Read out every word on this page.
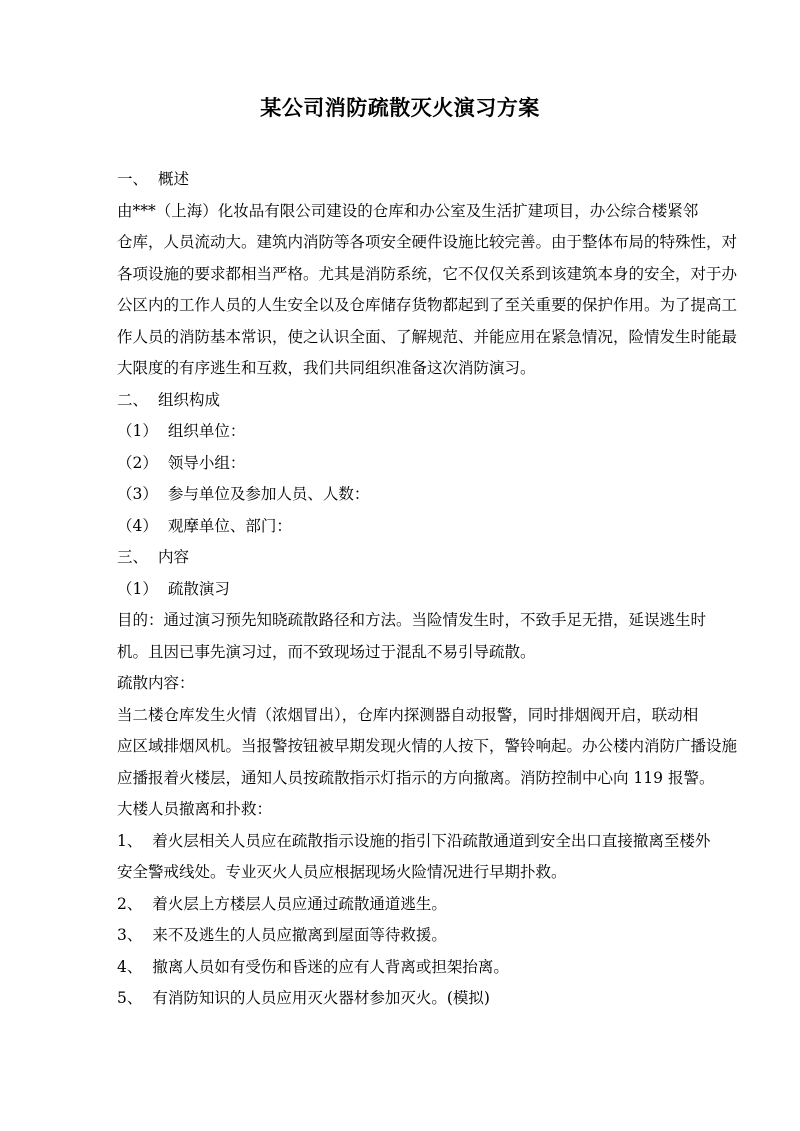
某公司消防疏散灭火演习方案
一、 概述
由***（上海）化妆品有限公司建设的仓库和办公室及生活扩建项目，办公综合楼紧邻
仓库，人员流动大。建筑内消防等各项安全硬件设施比较完善。由于整体布局的特殊性，对
各项设施的要求都相当严格。尤其是消防系统，它不仅仅关系到该建筑本身的安全，对于办
公区内的工作人员的人生安全以及仓库储存货物都起到了至关重要的保护作用。为了提高工
作人员的消防基本常识，使之认识全面、了解规范、并能应用在紧急情况，险情发生时能最
大限度的有序逃生和互救，我们共同组织准备这次消防演习。
二、 组织构成
（1） 组织单位：
（2） 领导小组：
（3） 参与单位及参加人员、人数：
（4） 观摩单位、部门：
三、 内容
（1） 疏散演习
目的：通过演习预先知晓疏散路径和方法。当险情发生时，不致手足无措，延误逃生时
机。且因已事先演习过，而不致现场过于混乱不易引导疏散。
疏散内容：
当二楼仓库发生火情（浓烟冒出），仓库内探测器自动报警，同时排烟阀开启，联动相
应区域排烟风机。当报警按钮被早期发现火情的人按下，警铃响起。办公楼内消防广播设施
应播报着火楼层，通知人员按疏散指示灯指示的方向撤离。消防控制中心向 119 报警。
大楼人员撤离和扑救：
1、 着火层相关人员应在疏散指示设施的指引下沿疏散通道到安全出口直接撤离至楼外
安全警戒线处。专业灭火人员应根据现场火险情况进行早期扑救。
2、 着火层上方楼层人员应通过疏散通道逃生。
3、 来不及逃生的人员应撤离到屋面等待救援。
4、 撤离人员如有受伤和昏迷的应有人背离或担架抬离。
5、 有消防知识的人员应用灭火器材参加灭火。(模拟)
